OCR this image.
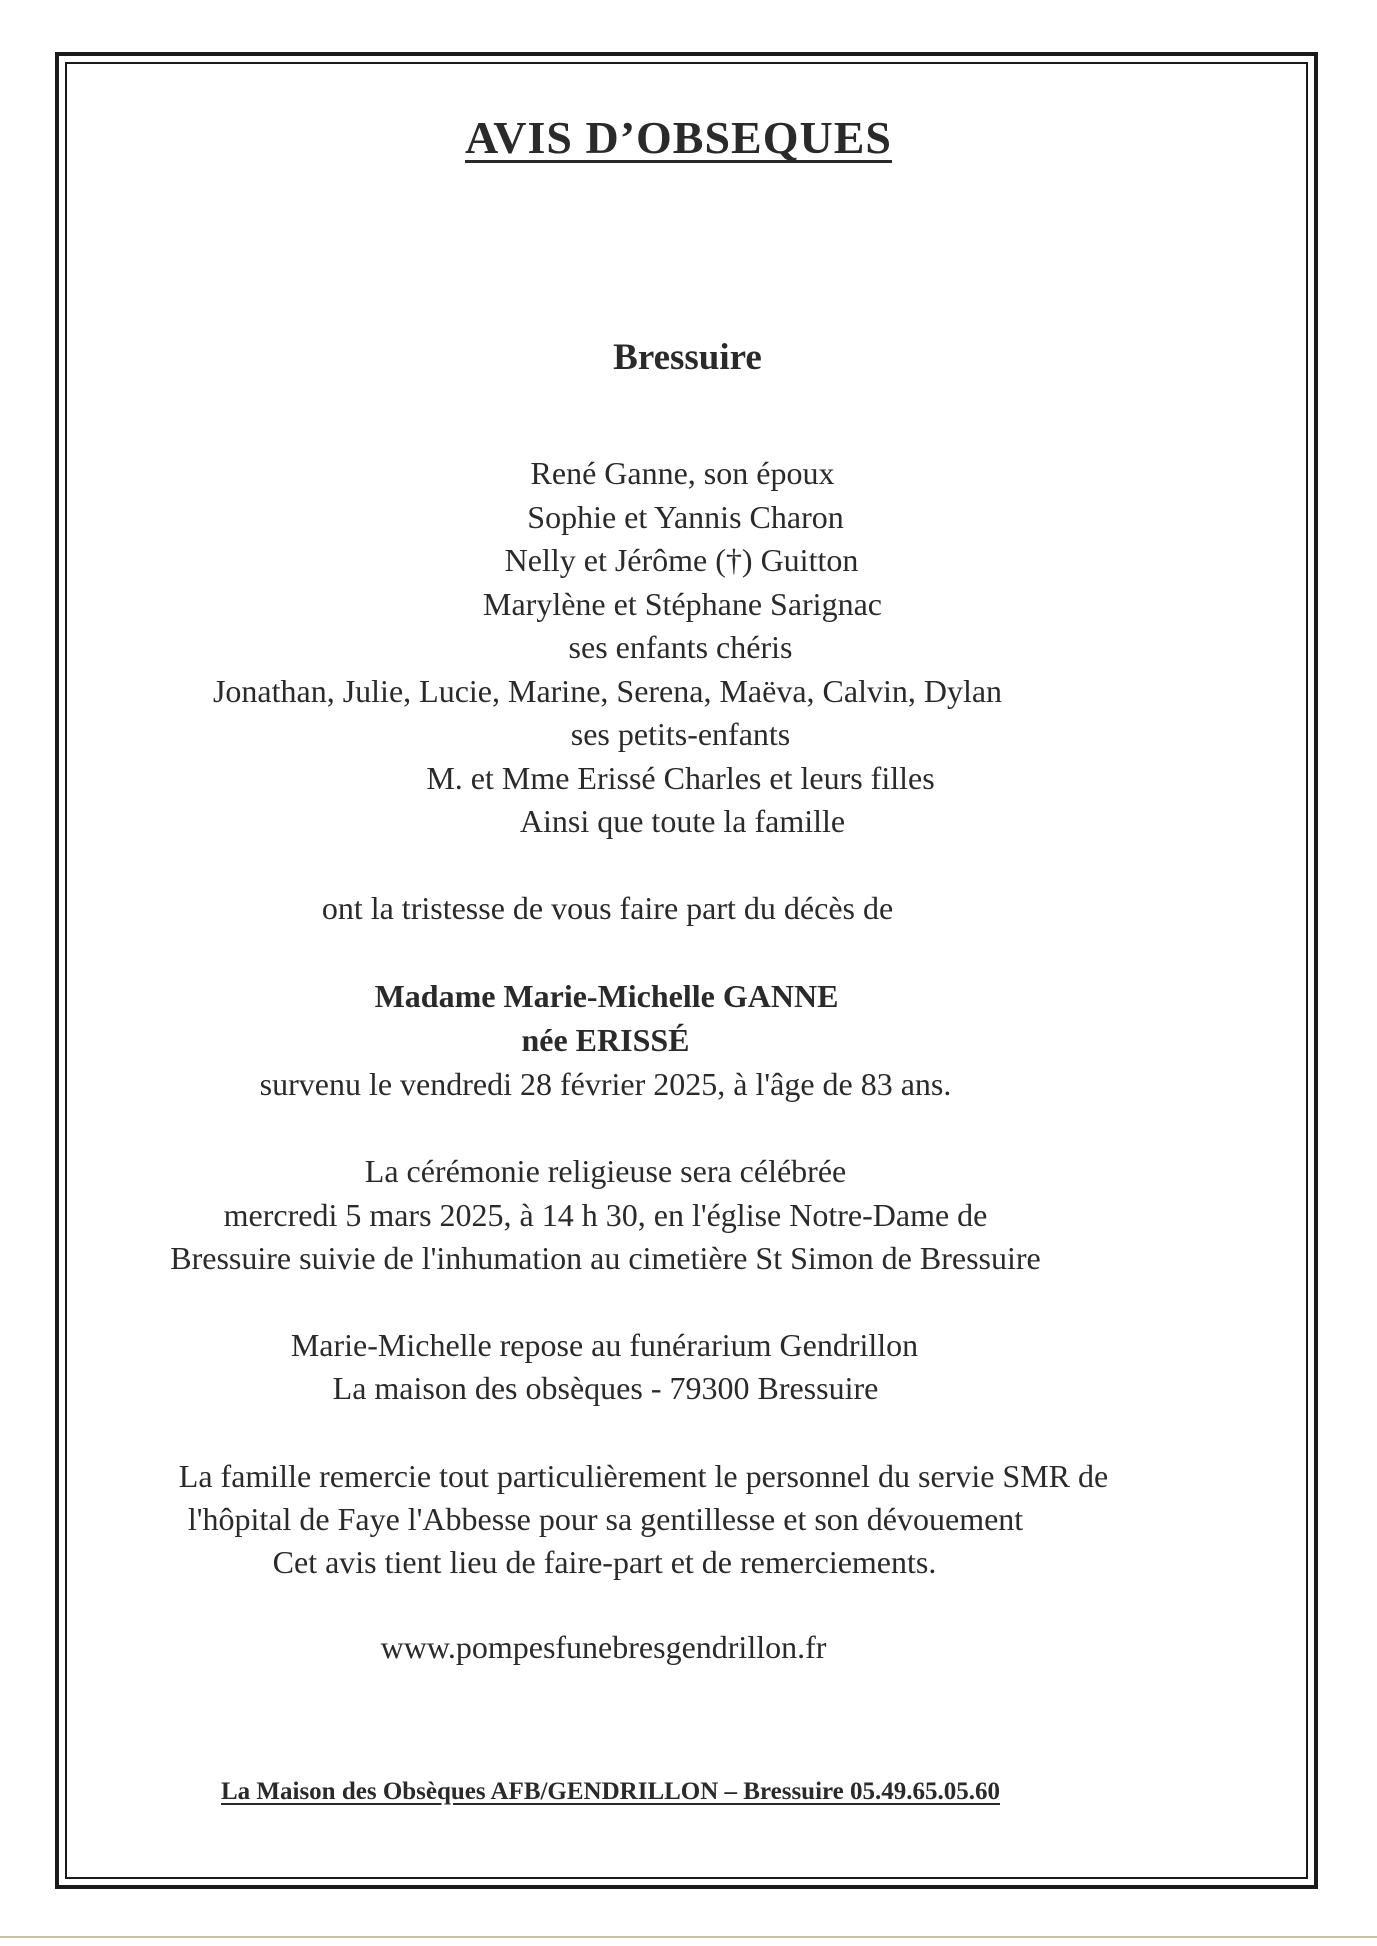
AVIS D’OBSEQUES
Bressuire
René Ganne, son époux
Sophie et Yannis Charon
Nelly et Jérôme (†) Guitton
Marylène et Stéphane Sarignac
ses enfants chéris
Jonathan, Julie, Lucie, Marine, Serena, Maëva, Calvin, Dylan
ses petits-enfants
M. et Mme Erissé Charles et leurs filles
Ainsi que toute la famille
ont la tristesse de vous faire part du décès de
Madame Marie-Michelle GANNE
née ERISSÉ
survenu le vendredi 28 février 2025, à l'âge de 83 ans.
La cérémonie religieuse sera célébrée
mercredi 5 mars 2025, à 14 h 30, en l'église Notre-Dame de
Bressuire suivie de l'inhumation au cimetière St Simon de Bressuire
Marie-Michelle repose au funérarium Gendrillon
La maison des obsèques - 79300 Bressuire
La famille remercie tout particulièrement le personnel du servie SMR de
l'hôpital de Faye l'Abbesse pour sa gentillesse et son dévouement
Cet avis tient lieu de faire-part et de remerciements.
www.pompesfunebresgendrillon.fr
La Maison des Obsèques AFB/GENDRILLON – Bressuire 05.49.65.05.60
